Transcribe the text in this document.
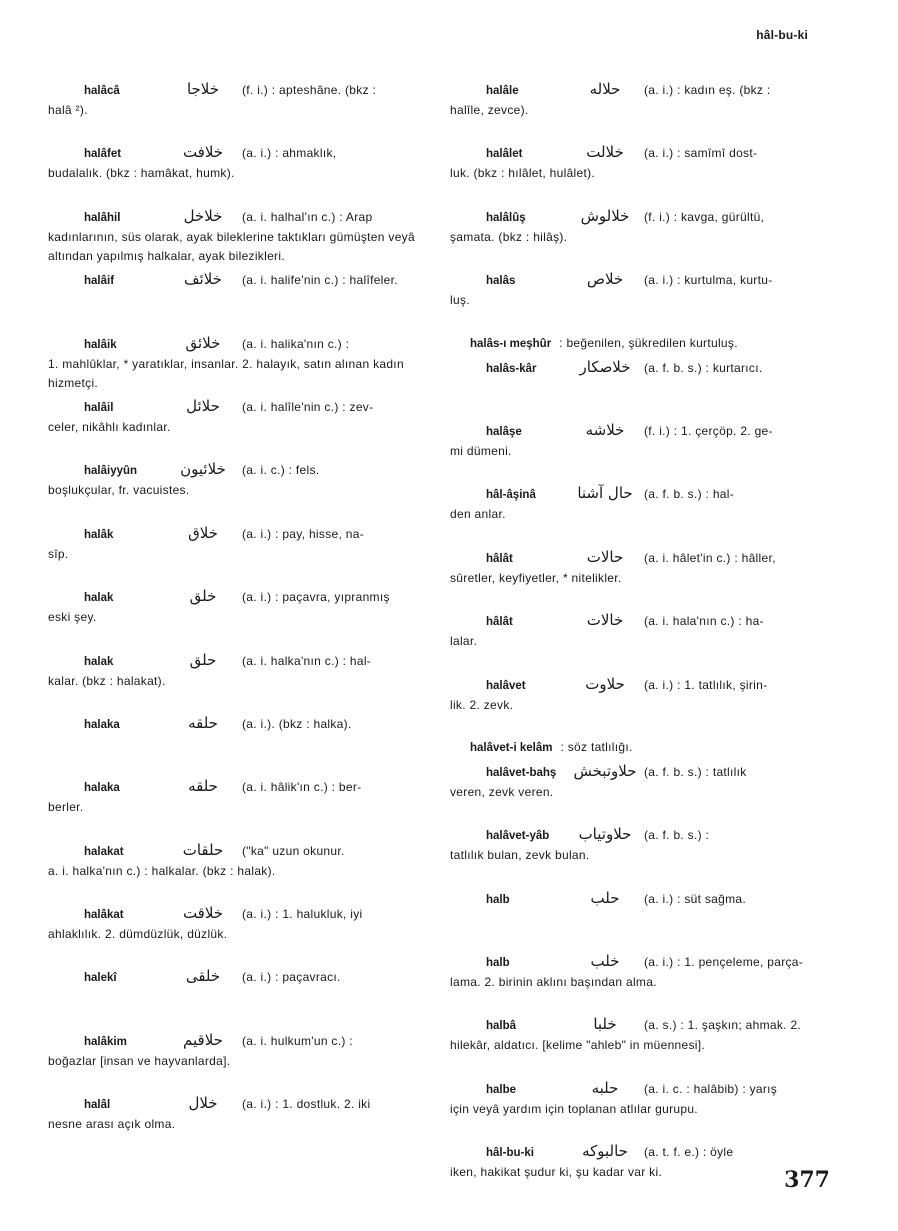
hâl-bu-ki
halâcâ	خلاجا	(f. i.) : apteshâne. (bkz :
halâ ²).
halâfet	خلافت	(a. i.) : ahmaklık,
budalalık. (bkz : hamâkat, humk).
halâhil	خلاخل	(a. i. halhal'ın c.) : Arap
kadınlarının, süs olarak, ayak bileklerine taktıkları gümüşten veyâ altından yapılmış halkalar, ayak bilezikleri.
halâif	خلائف	(a. i. halife'nin c.) : halîfeler.
halâik	خلائق	(a. i. halika'nın c.) :
1. mahlûklar, * yaratıklar, insanlar. 2. halayık, satın alınan kadın hizmetçi.
halâil	حلائل	(a. i. halîle'nin c.) : zev-
celer, nikâhlı kadınlar.
halâiyyûn	خلائیون	(a. i. c.) : fels.
boşlukçular, fr. vacuistes.
halâk	خلاق	(a. i.) : pay, hisse, na-
sîp.
halak	خلق	(a. i.) : paçavra, yıpranmış
eski şey.
halak	حلق	(a. i. halka'nın c.) : hal-
kalar. (bkz : halakat).
halaka	حلقه	(a. i.). (bkz : halka).
halaka	حلقه	(a. i. hâlik'ın c.) : ber-
berler.
halakat	حلقات	("ka" uzun okunur.
a. i. halka'nın c.) : halkalar. (bkz : halak).
halâkat	خلاقت	(a. i.) : 1. halukluk, iyi
ahlaklılık. 2. dümdüzlük, düzlük.
halekî	خلقی	(a. i.) : paçavracı.
halâkim	حلاقیم	(a. i. hulkum'un c.) :
boğazlar [insan ve hayvanlarda].
halâl	خلال	(a. i.) : 1. dostluk. 2. iki
nesne arası açık olma.
halâle	حلاله	(a. i.) : kadın eş. (bkz :
halîle, zevce).
halâlet	خلالت	(a. i.) : samîmî dost-
luk. (bkz : hılâlet, hulâlet).
halâlûş	خلالوش	(f. i.) : kavga, gürültü,
şamata. (bkz : hilâş).
halâs	خلاص	(a. i.) : kurtulma, kurtu-
luş.
halâs-ı meşhûr : beğenilen, şükredilen kurtuluş.
halâs-kâr	خلاصکار	(a. f. b. s.) : kurtarıcı.
halâşe	خلاشه	(f. i.) : 1. çerçöp. 2. ge-
mi dümeni.
hâl-âşinâ	حال آشنا (a. f. b. s.) : hal-
den anlar.
hâlât	حالات	(a. i. hâlet'in c.) : hâller,
sûretler, keyfiyetler, * nitelikler.
hâlât	خالات	(a. i. hala'nın c.) : ha-
lalar.
halâvet	حلاوت	(a. i.) : 1. tatlılık, şirin-
lik. 2. zevk.
halâvet-i kelâm : söz tatlılığı.
halâvet-bahş	حلاوتبخش (a. f. b. s.) : tatlılık
veren, zevk veren.
halâvet-yâb	حلاوتیاب	(a. f. b. s.) :
tatlılık bulan, zevk bulan.
halb	حلب	(a. i.) : süt sağma.
halb	خلب	(a. i.) : 1. pençeleme, parça-
lama. 2. birinin aklını başından alma.
halbâ	خلبا	(a. s.) : 1. şaşkın; ahmak. 2.
hilekâr, aldatıcı. [kelime "ahleb" in müennesi].
halbe	حلبه	(a. i. c. : halâbib) : yarış
için veyâ yardım için toplanan atlılar gurupu.
hâl-bu-ki	حالبوکه	(a. t. f. e.) : öyle
iken, hakikat şudur ki, şu kadar var ki.	377
